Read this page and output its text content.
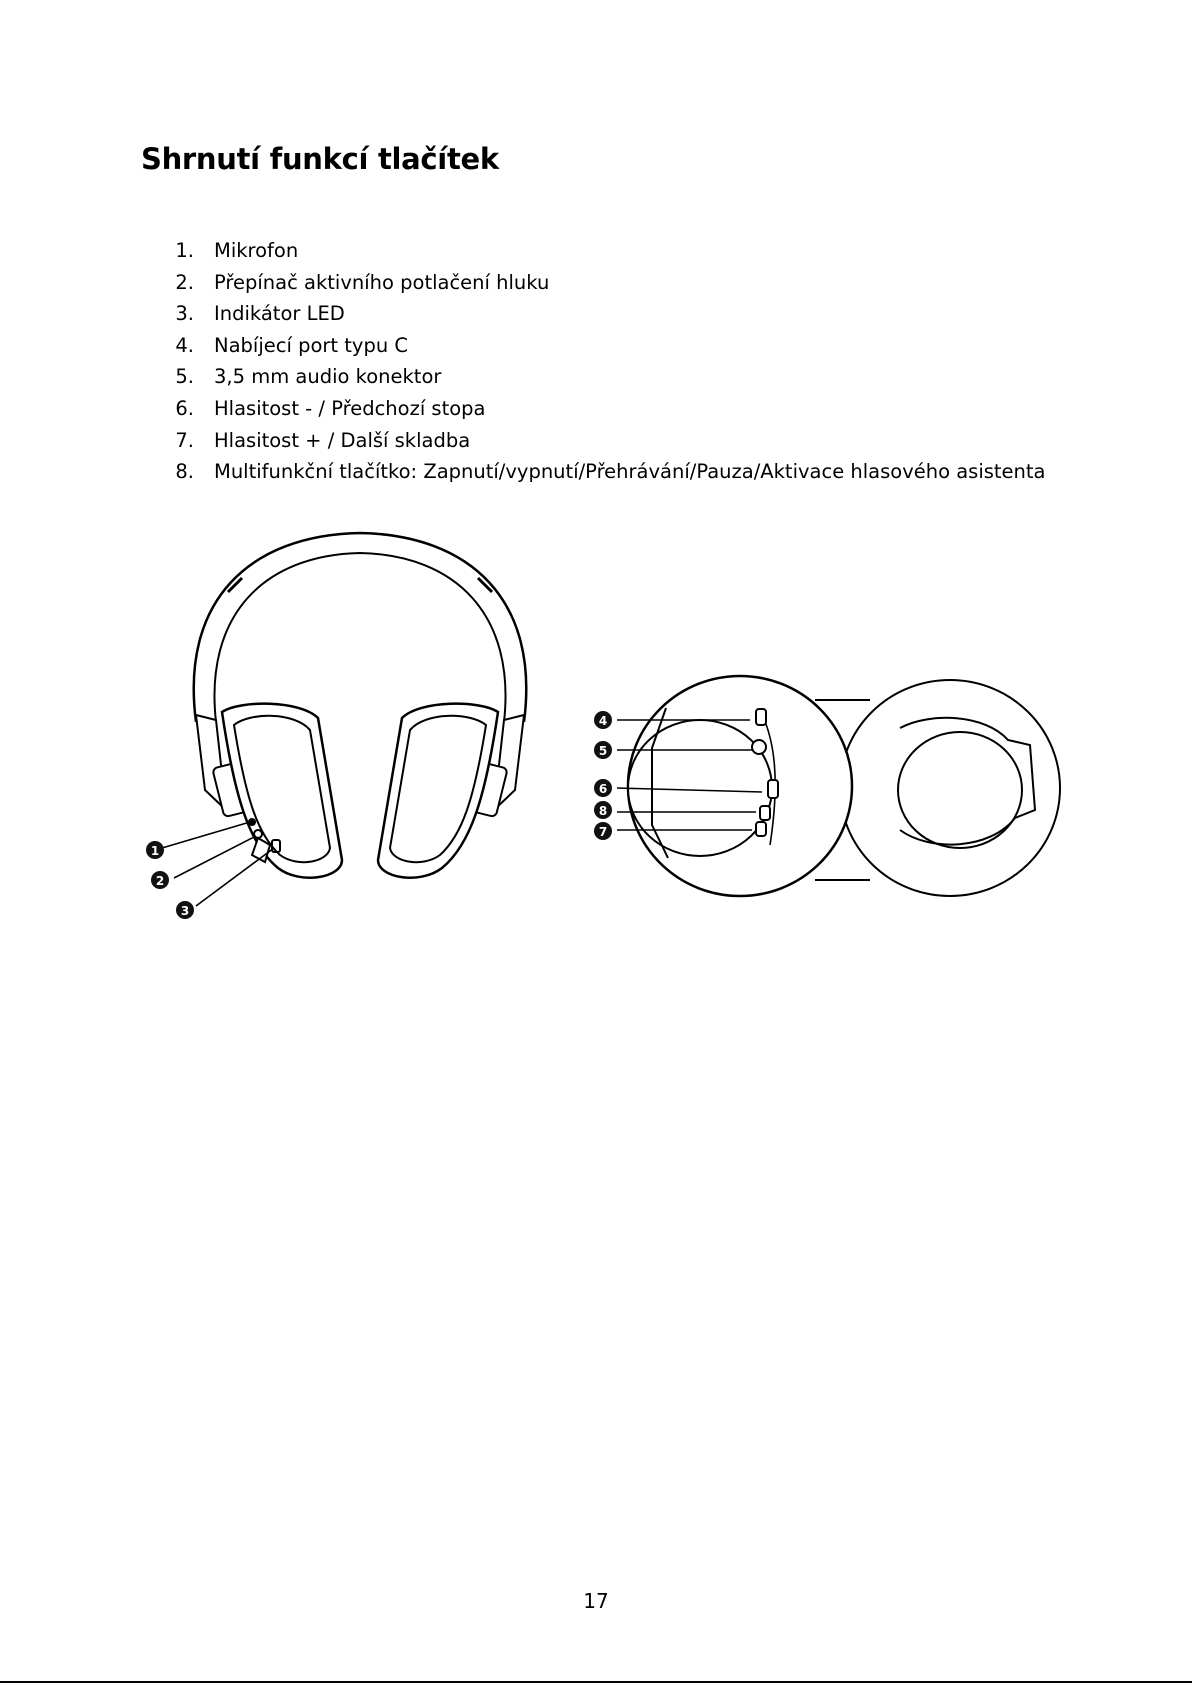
Shrnutí funkcí tlačítek
1. Mikrofon
2. Přepínač aktivního potlačení hluku
3. Indikátor LED
4. Nabíjecí port typu C
5. 3,5 mm audio konektor
6. Hlasitost - / Předchozí stopa
7. Hlasitost + / Další skladba
8. Multifunkční tlačítko: Zapnutí/vypnutí/Přehrávání/Pauza/Aktivace hlasového asistenta
1
2
3
4
5
6
8
7
17
